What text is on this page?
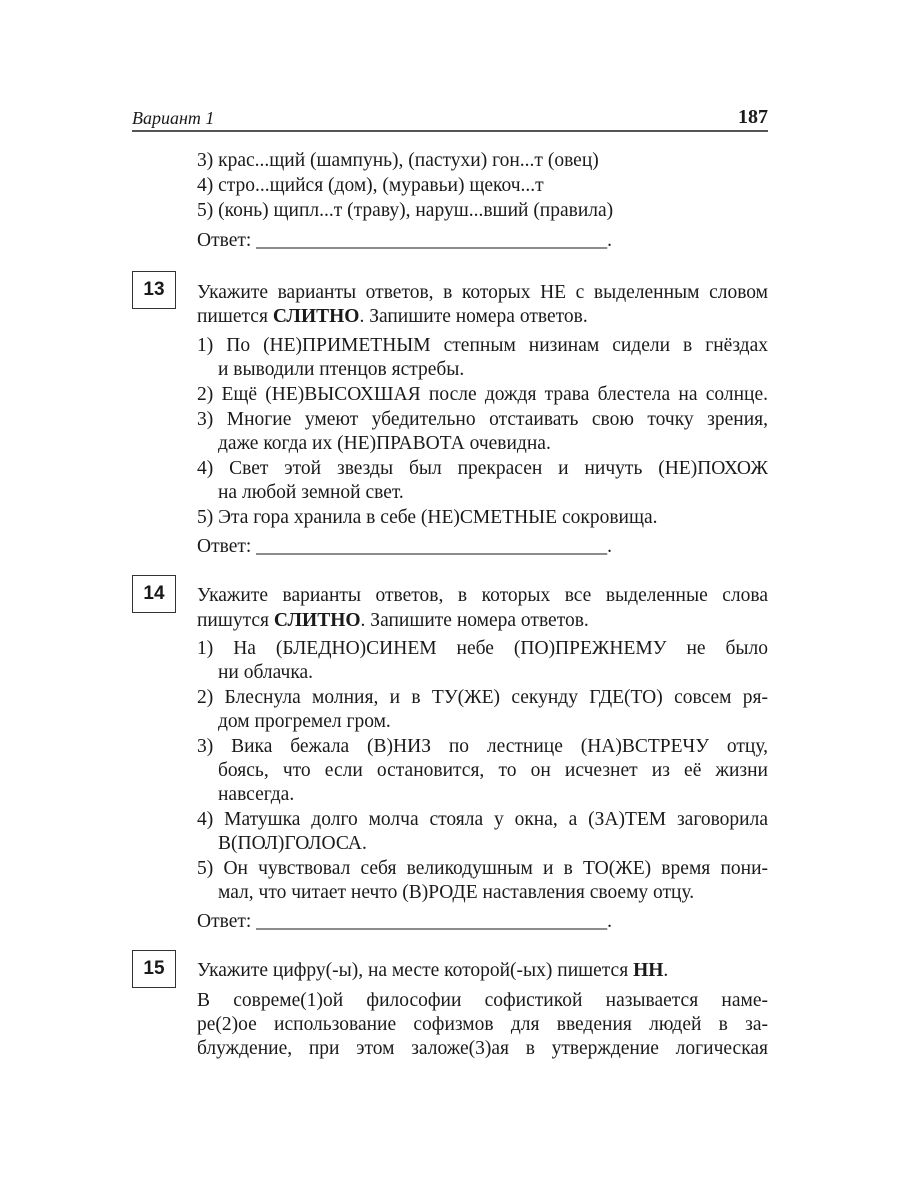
Вариант 1	187
3) крас...щий (шампунь), (пастухи) гон...т (овец)
4) стро...щийся (дом), (муравьи) щекоч...т
5) (конь) щипл...т (траву), наруш...вший (правила)
Ответ: ____________________________________.
13	Укажите варианты ответов, в которых НЕ с выделенным словом
пишется СЛИТНО. Запишите номера ответов.
1) По (НЕ)ПРИМЕТНЫМ степным низинам сидели в гнёздах
и выводили птенцов ястребы.
2) Ещё (НЕ)ВЫСОХШАЯ после дождя трава блестела на солнце.
3) Многие умеют убедительно отстаивать свою точку зрения,
даже когда их (НЕ)ПРАВОТА очевидна.
4) Свет этой звезды был прекрасен и ничуть (НЕ)ПОХОЖ
на любой земной свет.
5) Эта гора хранила в себе (НЕ)СМЕТНЫЕ сокровища.
Ответ: ____________________________________.
14	Укажите варианты ответов, в которых все выделенные слова
пишутся СЛИТНО. Запишите номера ответов.
1) На (БЛЕДНО)СИНЕМ небе (ПО)ПРЕЖНЕМУ не было
ни облачка.
2) Блеснула молния, и в ТУ(ЖЕ) секунду ГДЕ(ТО) совсем ря-
дом прогремел гром.
3) Вика бежала (В)НИЗ по лестнице (НА)ВСТРЕЧУ отцу,
боясь, что если остановится, то он исчезнет из её жизни
навсегда.
4) Матушка долго молча стояла у окна, а (ЗА)ТЕМ заговорила
В(ПОЛ)ГОЛОСА.
5) Он чувствовал себя великодушным и в ТО(ЖЕ) время пони-
мал, что читает нечто (В)РОДЕ наставления своему отцу.
Ответ: ____________________________________.
15	Укажите цифру(-ы), на месте которой(-ых) пишется НН.
В совреме(1)ой философии софистикой называется наме-
ре(2)ое использование софизмов для введения людей в за-
блуждение, при этом заложе(3)ая в утверждение логическая
